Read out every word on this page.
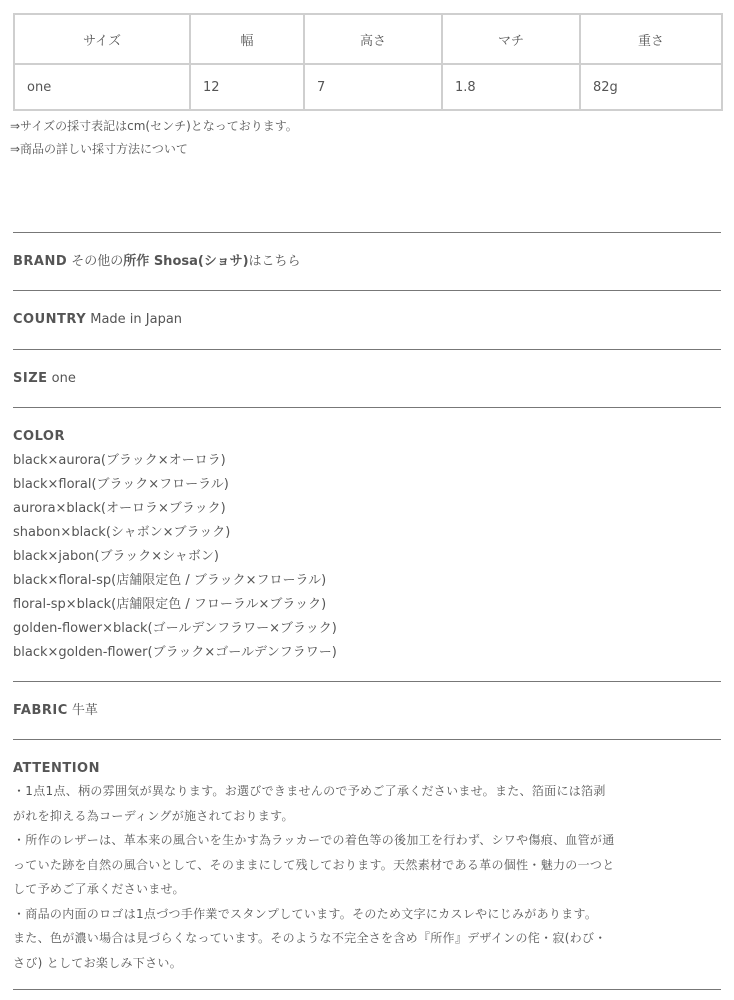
サイズ	幅	高さ	マチ	重さ
one	12	7	1.8	82g
⇒サイズの採寸表記はcm(センチ)となっております。
⇒商品の詳しい採寸方法について
BRAND その他の所作 Shosa(ショサ)はこちら
COUNTRY Made in Japan
SIZE one
COLOR
black×aurora(ブラック×オーロラ)
black×floral(ブラック×フローラル)
aurora×black(オーロラ×ブラック)
shabon×black(シャボン×ブラック)
black×jabon(ブラック×シャボン)
black×floral-sp(店舗限定色 / ブラック×フローラル)
floral-sp×black(店舗限定色 / フローラル×ブラック)
golden-flower×black(ゴールデンフラワー×ブラック)
black×golden-flower(ブラック×ゴールデンフラワー)
FABRIC 牛革
ATTENTION
・1点1点、柄の雰囲気が異なります。お選びできませんので予めご了承くださいませ。また、箔面には箔剥
がれを抑える為コーディングが施されております。
・所作のレザーは、革本来の風合いを生かす為ラッカーでの着色等の後加工を行わず、シワや傷痕、血管が通
っていた跡を自然の風合いとして、そのままにして残しております。天然素材である革の個性・魅力の一つと
して予めご了承くださいませ。
・商品の内面のロゴは1点づつ手作業でスタンプしています。そのため文字にカスレやにじみがあります。
また、色が濃い場合は見づらくなっています。そのような不完全さを含め『所作』デザインの侘・寂(わび・
さび) としてお楽しみ下さい。
